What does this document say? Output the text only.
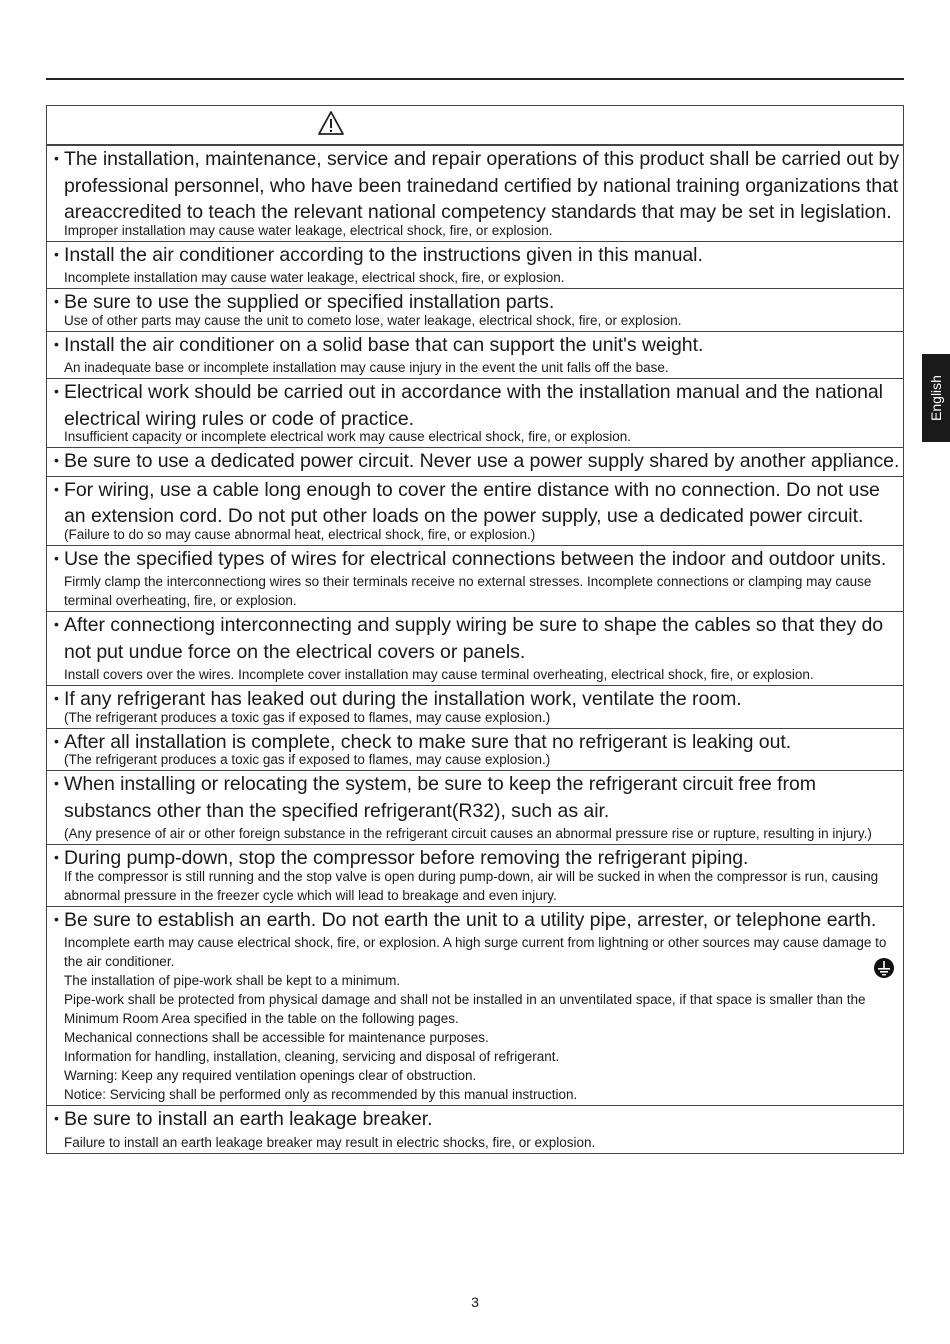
• The installation, maintenance, service and repair operations of this product shall be carried out by professional personnel, who have been trainedand certified by national training organizations that areaccredited to teach the relevant national competency standards that may be set in legislation.
Improper installation may cause water leakage, electrical shock, fire, or explosion.
• Install the air conditioner according to the instructions given in this manual.
Incomplete installation may cause water leakage, electrical shock, fire, or explosion.
• Be sure to use the supplied or specified installation parts.
Use of other parts may cause the unit to cometo lose, water leakage, electrical shock, fire, or explosion.
• Install the air conditioner on a solid base that can support the unit's weight.
An inadequate base or incomplete installation may cause injury in the event the unit falls off the base.
• Electrical work should be carried out in accordance with the installation manual and the national electrical wiring rules or code of practice.
Insufficient capacity or incomplete electrical work may cause electrical shock, fire, or explosion.
• Be sure to use a dedicated power circuit. Never use a power supply shared by another appliance.
• For wiring, use a cable long enough to cover the entire distance with no connection. Do not use an extension cord. Do not put other loads on the power supply, use a dedicated power circuit.
(Failure to do so may cause abnormal heat, electrical shock, fire, or explosion.)
• Use the specified types of wires for electrical connections between the indoor and outdoor units.
Firmly clamp the interconnectiong wires so their terminals receive no external stresses. Incomplete connections or clamping may cause terminal overheating, fire, or explosion.
• After connectiong interconnecting and supply wiring be sure to shape the cables so that they do not put undue force on the electrical covers or panels.
Install covers over the wires. Incomplete cover installation may cause terminal overheating, electrical shock, fire, or explosion.
• If any refrigerant has leaked out during the installation work, ventilate the room.
(The refrigerant produces a toxic gas if exposed to flames, may cause explosion.)
• After all installation is complete, check to make sure that no refrigerant is leaking out.
(The refrigerant produces a toxic gas if exposed to flames, may cause explosion.)
• When installing or relocating the system, be sure to keep the refrigerant circuit free from substancs other than the specified refrigerant(R32), such as air.
(Any presence of air or other foreign substance in the refrigerant circuit causes an abnormal pressure rise or rupture, resulting in injury.)
• During pump-down, stop the compressor before removing the refrigerant piping.
If the compressor is still running and the stop valve is open during pump-down, air will be sucked in when the compressor is run, causing abnormal pressure in the freezer cycle which will lead to breakage and even injury.
• Be sure to establish an earth. Do not earth the unit to a utility pipe, arrester, or telephone earth.
Incomplete earth may cause electrical shock, fire, or explosion. A high surge current from lightning or other sources may cause damage to the air conditioner.
The installation of pipe-work shall be kept to a minimum.
Pipe-work shall be protected from physical damage and shall not be installed in an unventilated space, if that space is smaller than the Minimum Room Area specified in the table on the following pages.
Mechanical connections shall be accessible for maintenance purposes.
Information for handling, installation, cleaning, servicing and disposal of refrigerant.
Warning: Keep any required ventilation openings clear of obstruction.
Notice: Servicing shall be performed only as recommended by this manual instruction.
• Be sure to install an earth leakage breaker.
Failure to install an earth leakage breaker may result in electric shocks, fire, or explosion.
English
3
